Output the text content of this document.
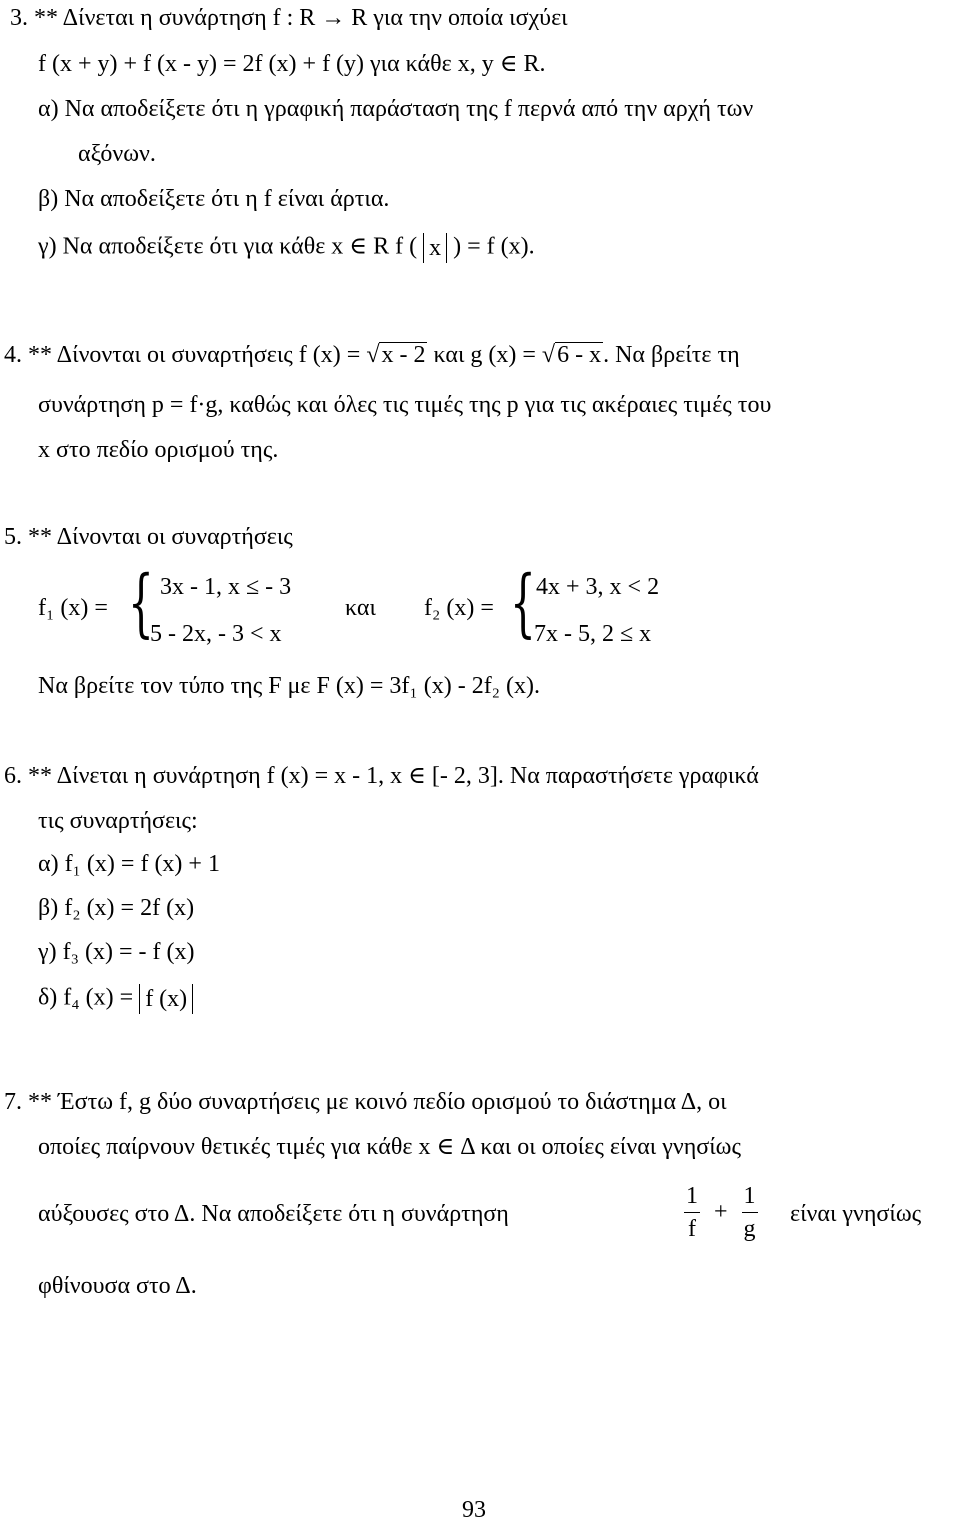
3. ** Δίνεται η συνάρτηση f : R → R για την οποία ισχύει
f (x + y) + f (x - y) = 2f (x) + f (y) για κάθε x, y ∈ R.
α) Να αποδείξετε ότι η γραφική παράσταση της f περνά από την αρχή των
αξόνων.
β) Να αποδείξετε ότι η f είναι άρτια.
γ) Να αποδείξετε ότι για κάθε x ∈ R f ( x ) = f (x).
4. ** Δίνονται οι συναρτήσεις f (x) = √x - 2 και g (x) = √6 - x. Να βρείτε τη
συνάρτηση p = f·g, καθώς και όλες τις τιμές της p για τις ακέραιες τιμές του
x στο πεδίο ορισμού της.
5. ** Δίνονται οι συναρτήσεις
f₁ (x) = { 3x - 1, x ≤ - 3
5 - 2x, - 3 < x
και f₂ (x) = { 4x + 3, x < 2
7x - 5, 2 ≤ x
Να βρείτε τον τύπο της F με F (x) = 3f₁ (x) - 2f₂ (x).
6. ** Δίνεται η συνάρτηση f (x) = x - 1, x ∈ [- 2, 3]. Να παραστήσετε γραφικά
τις συναρτήσεις:
α) f₁ (x) = f (x) + 1
β) f₂ (x) = 2f (x)
γ) f₃ (x) = - f (x)
δ) f₄ (x) = f (x)
7. ** Έστω f, g δύο συναρτήσεις με κοινό πεδίο ορισμού το διάστημα Δ, οι
οποίες παίρνουν θετικές τιμές για κάθε x ∈ Δ και οι οποίες είναι γνησίως
αύξουσες στο Δ. Να αποδείξετε ότι η συνάρτηση	$\frac{1}{f} + \frac{1}{g}$ είναι γνησίως
φθίνουσα στο Δ.
93
